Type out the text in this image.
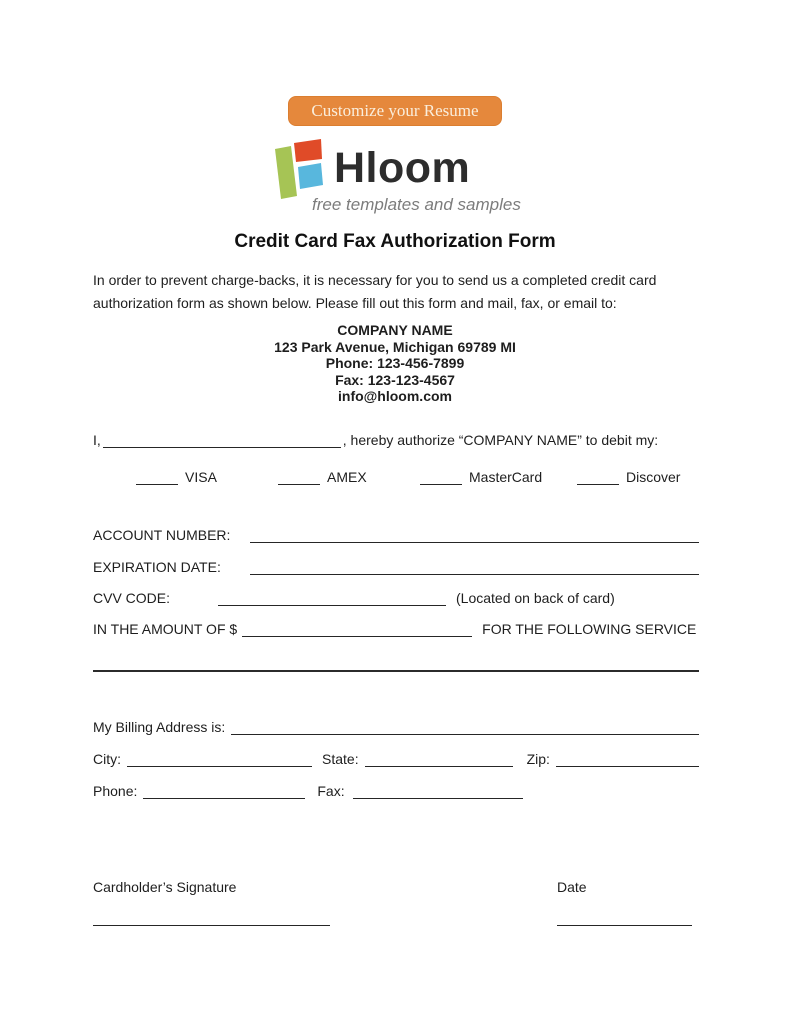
Customize your Resume
Hloom
free templates and samples
Credit Card Fax Authorization Form

In order to prevent charge-backs, it is necessary for you to send us a completed credit card authorization form as shown below. Please fill out this form and mail, fax, or email to:

COMPANY NAME
123 Park Avenue, Michigan 69789 MI
Phone: 123-456-7899
Fax: 123-123-4567
info@hloom.com
I,	, hereby authorize “COMPANY NAME” to debit my:
VISA	AMEX	MasterCard	Discover
ACCOUNT NUMBER:
EXPIRATION DATE:
CVV CODE:	(Located on back of card)
IN THE AMOUNT OF $	FOR THE FOLLOWING SERVICE
My Billing Address is:
City:	State:	Zip:
Phone:	Fax:
Cardholder’s Signature	Date
